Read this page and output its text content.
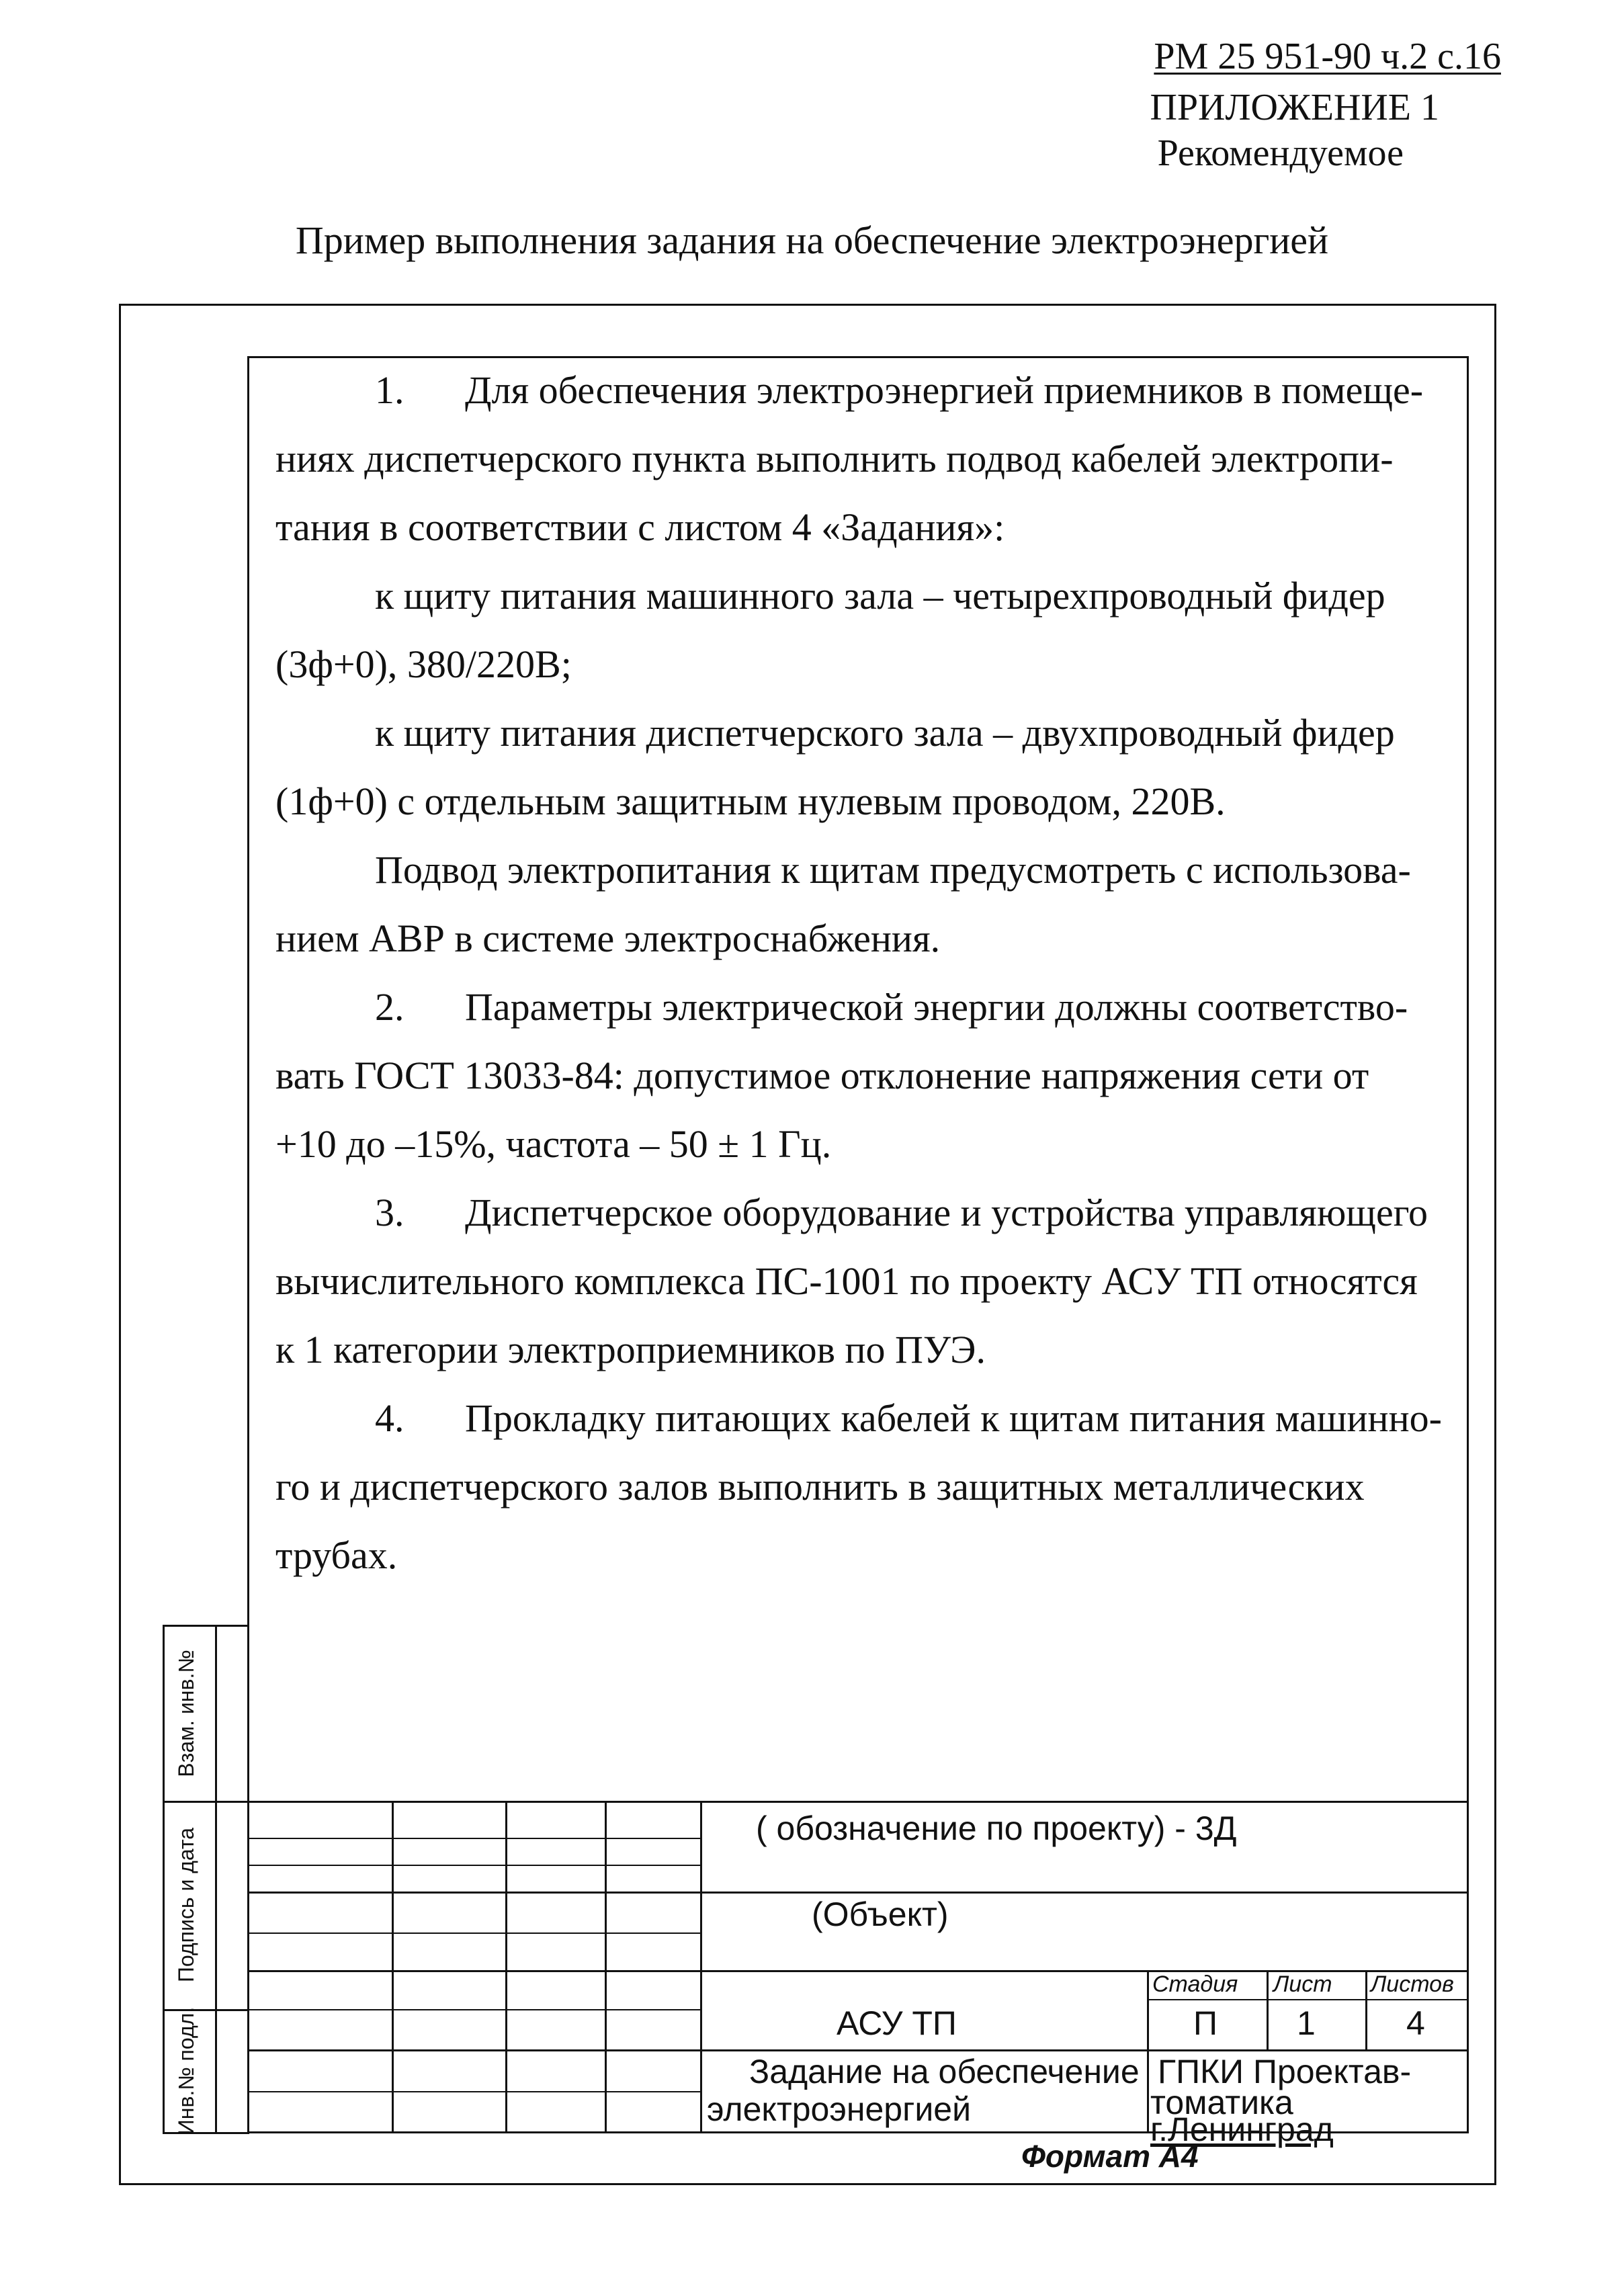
РМ 25 951-90 ч.2 с.16
ПРИЛОЖЕНИЕ 1
Рекомендуемое
Пример выполнения задания на обеспечение электроэнергией
1. Для обеспечения электроэнергией приемников в помеще-
ниях диспетчерского пункта выполнить подвод кабелей электропи-
тания в соответствии с листом 4 «Задания»:
к щиту питания машинного зала – четырехпроводный фидер
(3ф+0), 380/220В;
к щиту питания диспетчерского зала – двухпроводный фидер
(1ф+0) с отдельным защитным нулевым проводом, 220В.
Подвод электропитания к щитам предусмотреть с использова-
нием АВР в системе электроснабжения.
2. Параметры электрической энергии должны соответство-
вать ГОСТ 13033-84: допустимое отклонение напряжения сети от
+10 до –15%, частота – 50 ± 1 Гц.
3. Диспетчерское оборудование и устройства управляющего
вычислительного комплекса ПС-1001 по проекту АСУ ТП относятся
к 1 категории электроприемников по ПУЭ.
4. Прокладку питающих кабелей к щитам питания машинно-
го и диспетчерского залов выполнить в защитных металлических
трубах.
Взам. инв.№
Подпись и дата
Инв.№ подл.
( обозначение по проекту) - 3Д
(Объект)
АСУ ТП
Задание на обеспечение
электроэнергией
Стадия Лист Листов
П 1	4
ГПКИ Проектав-
томатика
г.Ленинград
Формат А4
